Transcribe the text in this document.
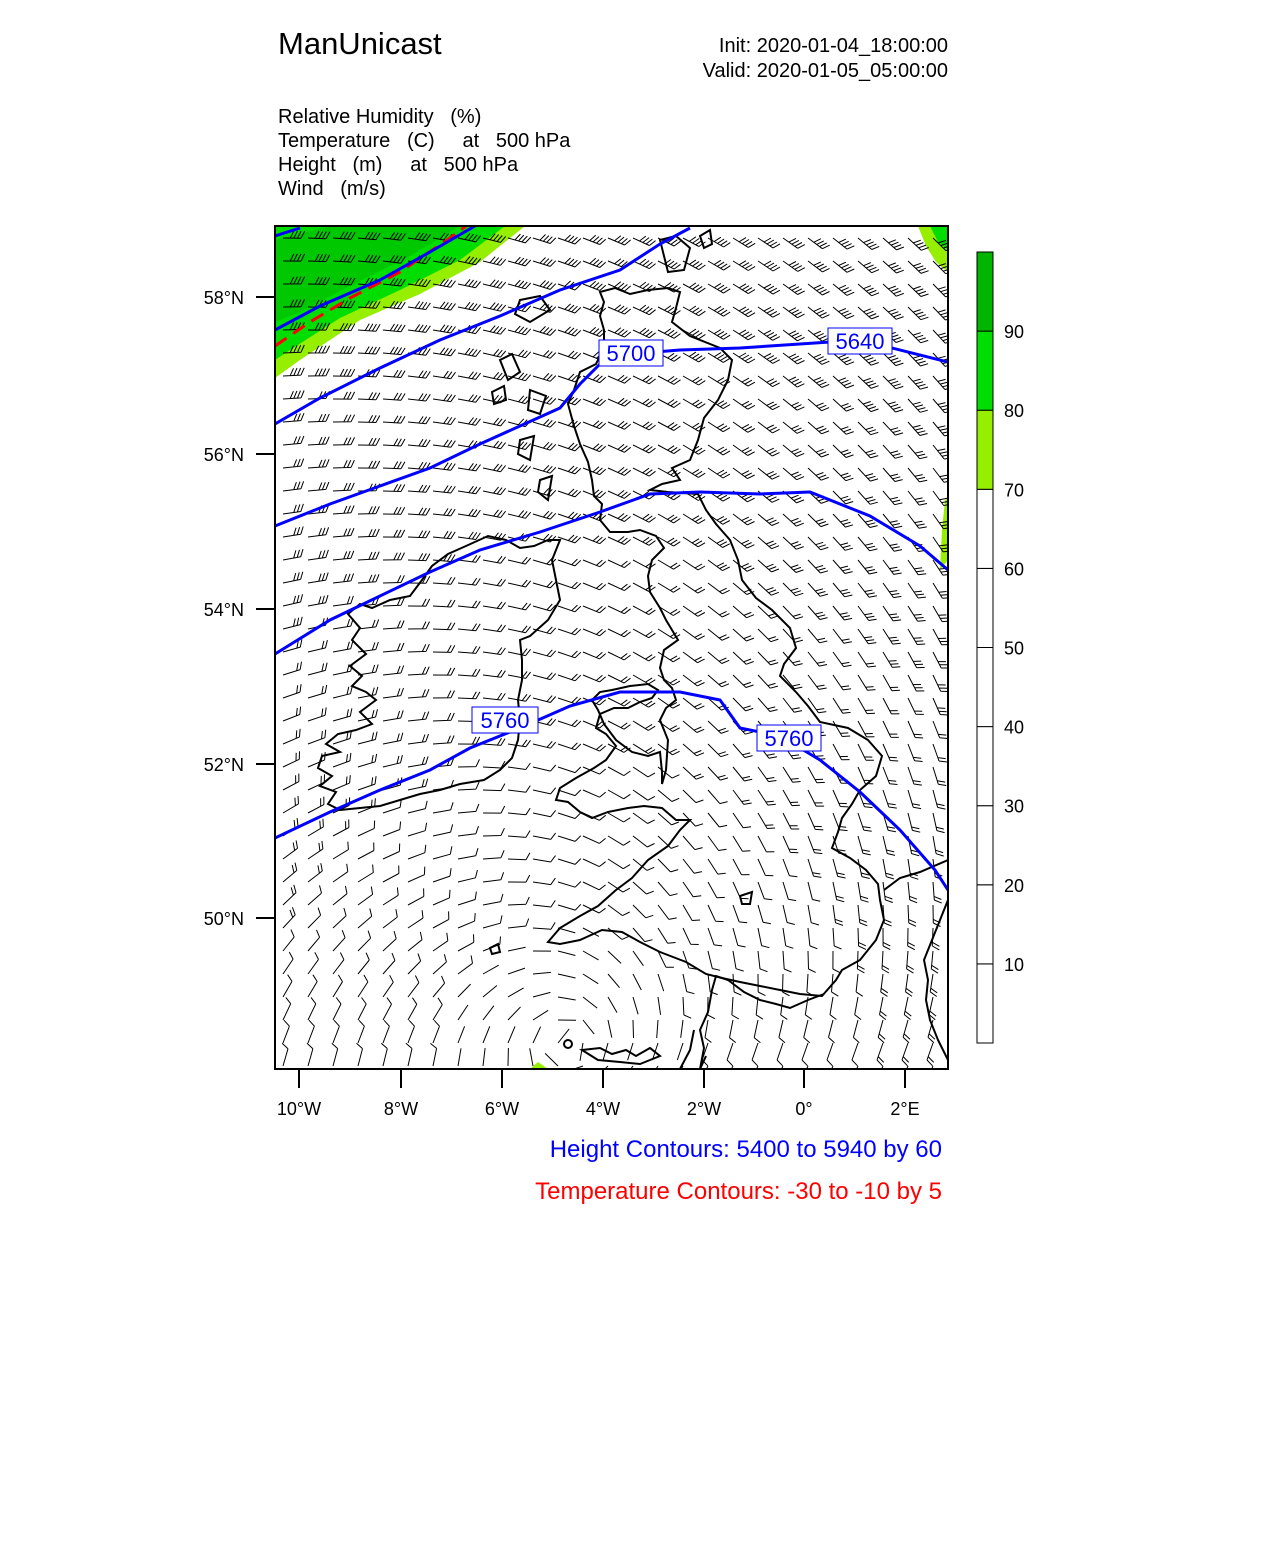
ManUnicast	Init: 2020-01-04_18:00:00
Valid: 2020-01-05_05:00:00
Relative Humidity   (%)
Temperature   (C)     at   500 hPa
Height   (m)     at   500 hPa
Wind   (m/s)
5640
5700
5760
5760
50°N
52°N
54°N
56°N
58°N
10°W	8°W	6°W	4°W	2°W	0°	2°E
10
20
30
40
50
60
70
80
90
Height Contours: 5400 to 5940 by 60
Temperature Contours: -30 to -10 by 5
